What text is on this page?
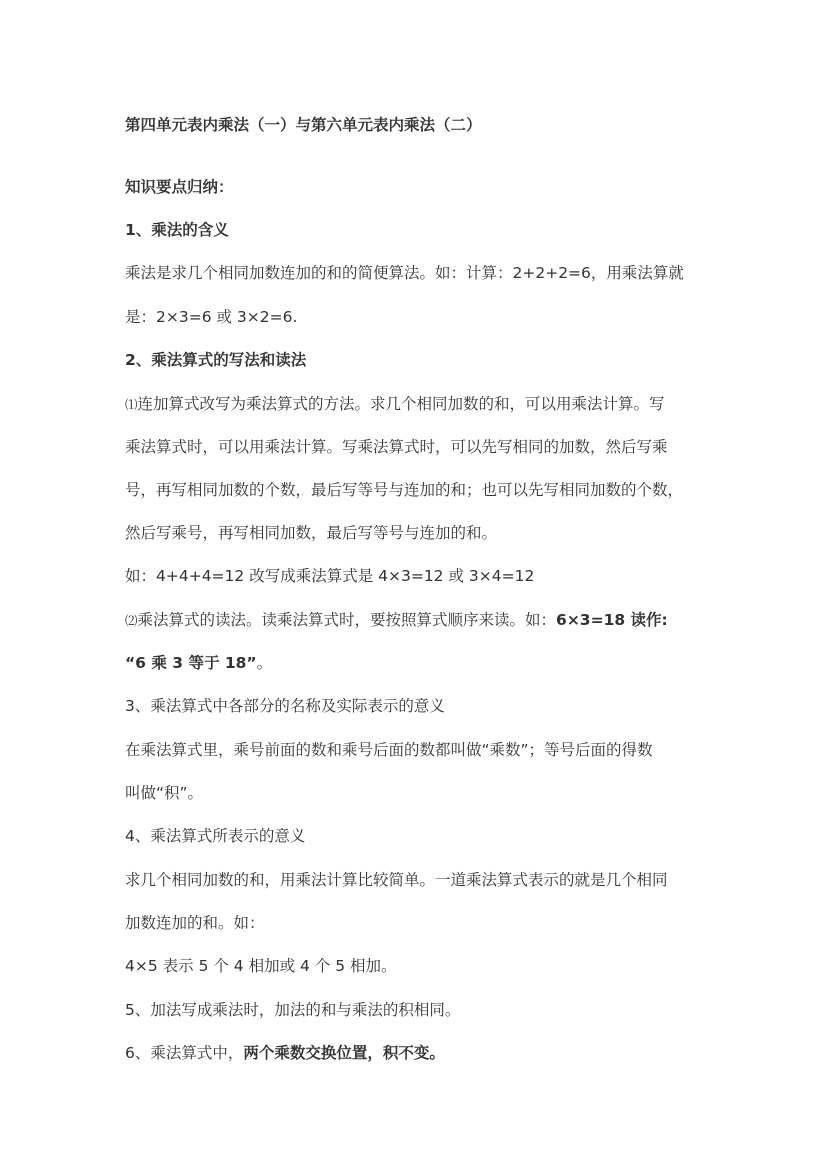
第四单元表内乘法（一）与第六单元表内乘法（二）
知识要点归纳：
1、乘法的含义
乘法是求几个相同加数连加的和的简便算法。如：计算：2+2+2=6，用乘法算就
是：2×3=6 或 3×2=6.
2、乘法算式的写法和读法
⑴连加算式改写为乘法算式的方法。求几个相同加数的和，可以用乘法计算。写
乘法算式时，可以用乘法计算。写乘法算式时，可以先写相同的加数，然后写乘
号，再写相同加数的个数，最后写等号与连加的和；也可以先写相同加数的个数，
然后写乘号，再写相同加数，最后写等号与连加的和。
如：4+4+4=12 改写成乘法算式是 4×3=12 或 3×4=12
⑵乘法算式的读法。读乘法算式时，要按照算式顺序来读。如：6×3=18 读作:
“6 乘 3 等于 18”。
3、乘法算式中各部分的名称及实际表示的意义
在乘法算式里，乘号前面的数和乘号后面的数都叫做“乘数”；等号后面的得数
叫做“积”。
4、乘法算式所表示的意义
求几个相同加数的和，用乘法计算比较简单。一道乘法算式表示的就是几个相同
加数连加的和。如：
4×5 表示 5 个 4 相加或 4 个 5 相加。
5、加法写成乘法时，加法的和与乘法的积相同。
6、乘法算式中，两个乘数交换位置，积不变。
